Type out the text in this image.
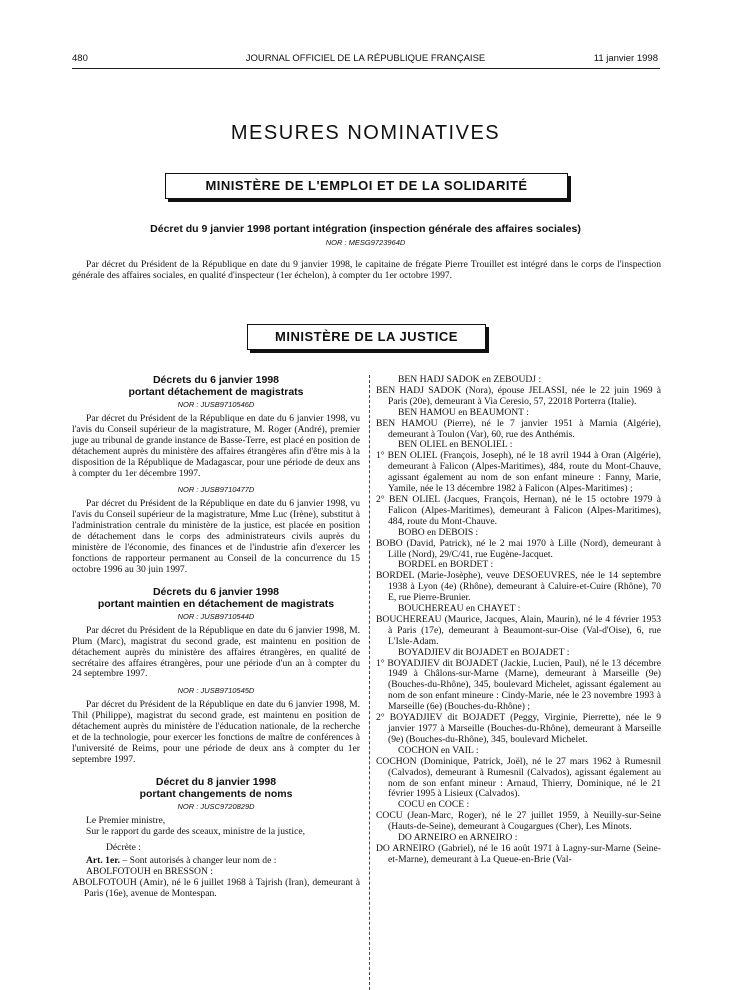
480	JOURNAL OFFICIEL DE LA RÉPUBLIQUE FRANÇAISE	11 janvier 1998
MESURES NOMINATIVES
MINISTÈRE DE L'EMPLOI ET DE LA SOLIDARITÉ
Décret du 9 janvier 1998 portant intégration (inspection générale des affaires sociales)
NOR : MESG9723964D
Par décret du Président de la République en date du 9 janvier 1998, le capitaine de frégate Pierre Trouillet est intégré dans le corps de l'inspection générale des affaires sociales, en qualité d'inspecteur (1er échelon), à compter du 1er octobre 1997.
MINISTÈRE DE LA JUSTICE
Décrets du 6 janvier 1998
portant détachement de magistrats
NOR : JUSB9710546D
Par décret du Président de la République en date du 6 janvier 1998, vu l'avis du Conseil supérieur de la magistrature, M. Roger (André), premier juge au tribunal de grande instance de Basse-Terre, est placé en position de détachement auprès du ministère des affaires étrangères afin d'être mis à la disposition de la République de Madagascar, pour une période de deux ans à compter du 1er décembre 1997.
NOR : JUSB9710477D
Par décret du Président de la République en date du 6 janvier 1998, vu l'avis du Conseil supérieur de la magistrature, Mme Luc (Irène), substitut à l'administration centrale du ministère de la justice, est placée en position de détachement dans le corps des administrateurs civils auprès du ministère de l'économie, des finances et de l'industrie afin d'exercer les fonctions de rapporteur permanent au Conseil de la concurrence du 15 octobre 1996 au 30 juin 1997.
Décrets du 6 janvier 1998
portant maintien en détachement de magistrats
NOR : JUSB9710544D
Par décret du Président de la République en date du 6 janvier 1998, M. Plum (Marc), magistrat du second grade, est maintenu en position de détachement auprès du ministère des affaires étrangères, en qualité de secrétaire des affaires étrangères, pour une période d'un an à compter du 24 septembre 1997.
NOR : JUSB9710545D
Par décret du Président de la République en date du 6 janvier 1998, M. Thil (Philippe), magistrat du second grade, est maintenu en position de détachement auprès du ministère de l'éducation nationale, de la recherche et de la technologie, pour exercer les fonctions de maître de conférences à l'université de Reims, pour une période de deux ans à compter du 1er septembre 1997.
Décret du 8 janvier 1998
portant changements de noms
NOR : JUSC9720829D
Le Premier ministre,
Sur le rapport du garde des sceaux, ministre de la justice,
Décrète :
Art. 1er. – Sont autorisés à changer leur nom de :
ABOLFOTOUH en BRESSON :
ABOLFOTOUH (Amir), né le 6 juillet 1968 à Tajrish (Iran), demeurant à Paris (16e), avenue de Montespan.
BEN HADJ SADOK en ZEBOUDJ :
BEN HADJ SADOK (Nora), épouse JELASSI, née le 22 juin 1969 à Paris (20e), demeurant à Via Ceresio, 57, 22018 Porterra (Italie).
BEN HAMOU en BEAUMONT :
BEN HAMOU (Pierre), né le 7 janvier 1951 à Marnia (Algérie), demeurant à Toulon (Var), 60, rue des Anthémis.
BEN OLIEL en BENOLIEL :
1° BEN OLIEL (François, Joseph), né le 18 avril 1944 à Oran (Algérie), demeurant à Falicon (Alpes-Maritimes), 484, route du Mont-Chauve, agissant également au nom de son enfant mineure : Fanny, Marie, Yamile, née le 13 décembre 1982 à Falicon (Alpes-Maritimes) ;
2° BEN OLIEL (Jacques, François, Hernan), né le 15 octobre 1979 à Falicon (Alpes-Maritimes), demeurant à Falicon (Alpes-Maritimes), 484, route du Mont-Chauve.
BOBO en DEBOIS :
BOBO (David, Patrick), né le 2 mai 1970 à Lille (Nord), demeurant à Lille (Nord), 29/C/41, rue Eugène-Jacquet.
BORDEL en BORDET :
BORDEL (Marie-Josèphe), veuve DESOEUVRES, née le 14 septembre 1938 à Lyon (4e) (Rhône), demeurant à Caluire-et-Cuire (Rhône), 70 E, rue Pierre-Brunier.
BOUCHEREAU en CHAYET :
BOUCHEREAU (Maurice, Jacques, Alain, Maurin), né le 4 février 1953 à Paris (17e), demeurant à Beaumont-sur-Oise (Val-d'Oise), 6, rue L'Isle-Adam.
BOYADJIEV dit BOJADET en BOJADET :
1° BOYADJIEV dit BOJADET (Jackie, Lucien, Paul), né le 13 décembre 1949 à Châlons-sur-Marne (Marne), demeurant à Marseille (9e) (Bouches-du-Rhône), 345, boulevard Michelet, agissant également au nom de son enfant mineure : Cindy-Marie, née le 23 novembre 1993 à Marseille (6e) (Bouches-du-Rhône) ;
2° BOYADJIEV dit BOJADET (Peggy, Virginie, Pierrette), née le 9 janvier 1977 à Marseille (Bouches-du-Rhône), demeurant à Marseille (9e) (Bouches-du-Rhône), 345, boulevard Michelet.
COCHON en VAIL :
COCHON (Dominique, Patrick, Joël), né le 27 mars 1962 à Rumesnil (Calvados), demeurant à Rumesnil (Calvados), agissant également au nom de son enfant mineur : Arnaud, Thierry, Dominique, né le 21 février 1995 à Lisieux (Calvados).
COCU en COCE :
COCU (Jean-Marc, Roger), né le 27 juillet 1959, à Neuilly-sur-Seine (Hauts-de-Seine), demeurant à Cougargues (Cher), Les Minots.
DO ARNEIRO en ARNEIRO :
DO ARNEIRO (Gabriel), né le 16 août 1971 à Lagny-sur-Marne (Seine-et-Marne), demeurant à La Queue-en-Brie (Val-
